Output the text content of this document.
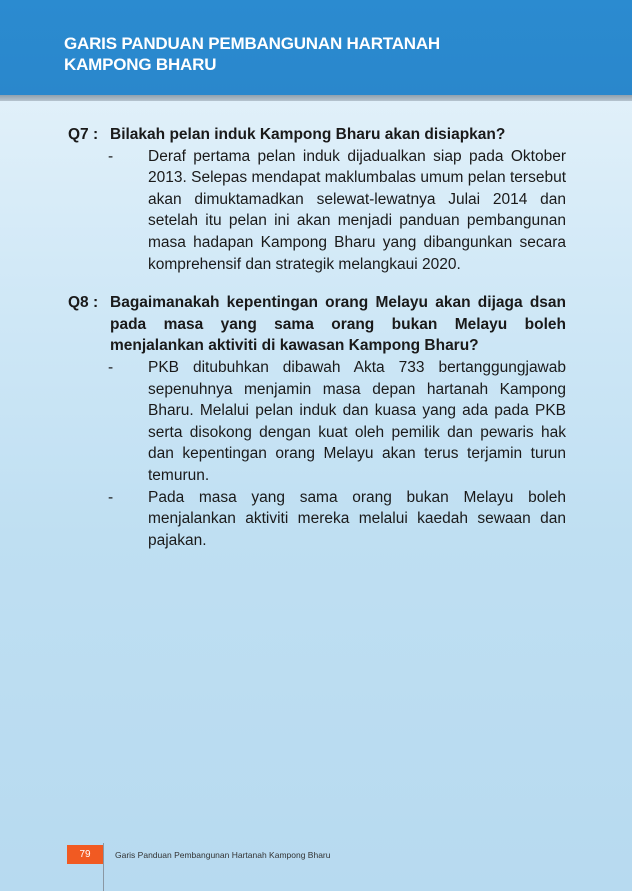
GARIS PANDUAN PEMBANGUNAN HARTANAH
KAMPONG BHARU
Q7 : Bilakah pelan induk Kampong Bharu akan disiapkan?
-	Deraf pertama pelan induk dijadualkan siap pada Oktober 2013. Selepas mendapat maklumbalas umum pelan tersebut akan dimuktamadkan selewat-lewatnya Julai 2014 dan setelah itu pelan ini akan menjadi panduan pembangunan masa hadapan Kampong Bharu yang dibangunkan secara komprehensif dan strategik melangkaui 2020.
Q8 : Bagaimanakah kepentingan orang Melayu akan dijaga dsan pada masa yang sama orang bukan Melayu boleh menjalankan aktiviti di kawasan Kampong Bharu?
-	PKB ditubuhkan dibawah Akta 733 bertanggungjawab sepenuhnya menjamin masa depan hartanah Kampong Bharu. Melalui pelan induk dan kuasa yang ada pada PKB serta disokong dengan kuat oleh pemilik dan pewaris hak dan kepentingan orang Melayu akan terus terjamin turun temurun.
-	Pada masa yang sama orang bukan Melayu boleh menjalankan aktiviti mereka melalui kaedah sewaan dan pajakan.
79	Garis Panduan Pembangunan Hartanah Kampong Bharu
